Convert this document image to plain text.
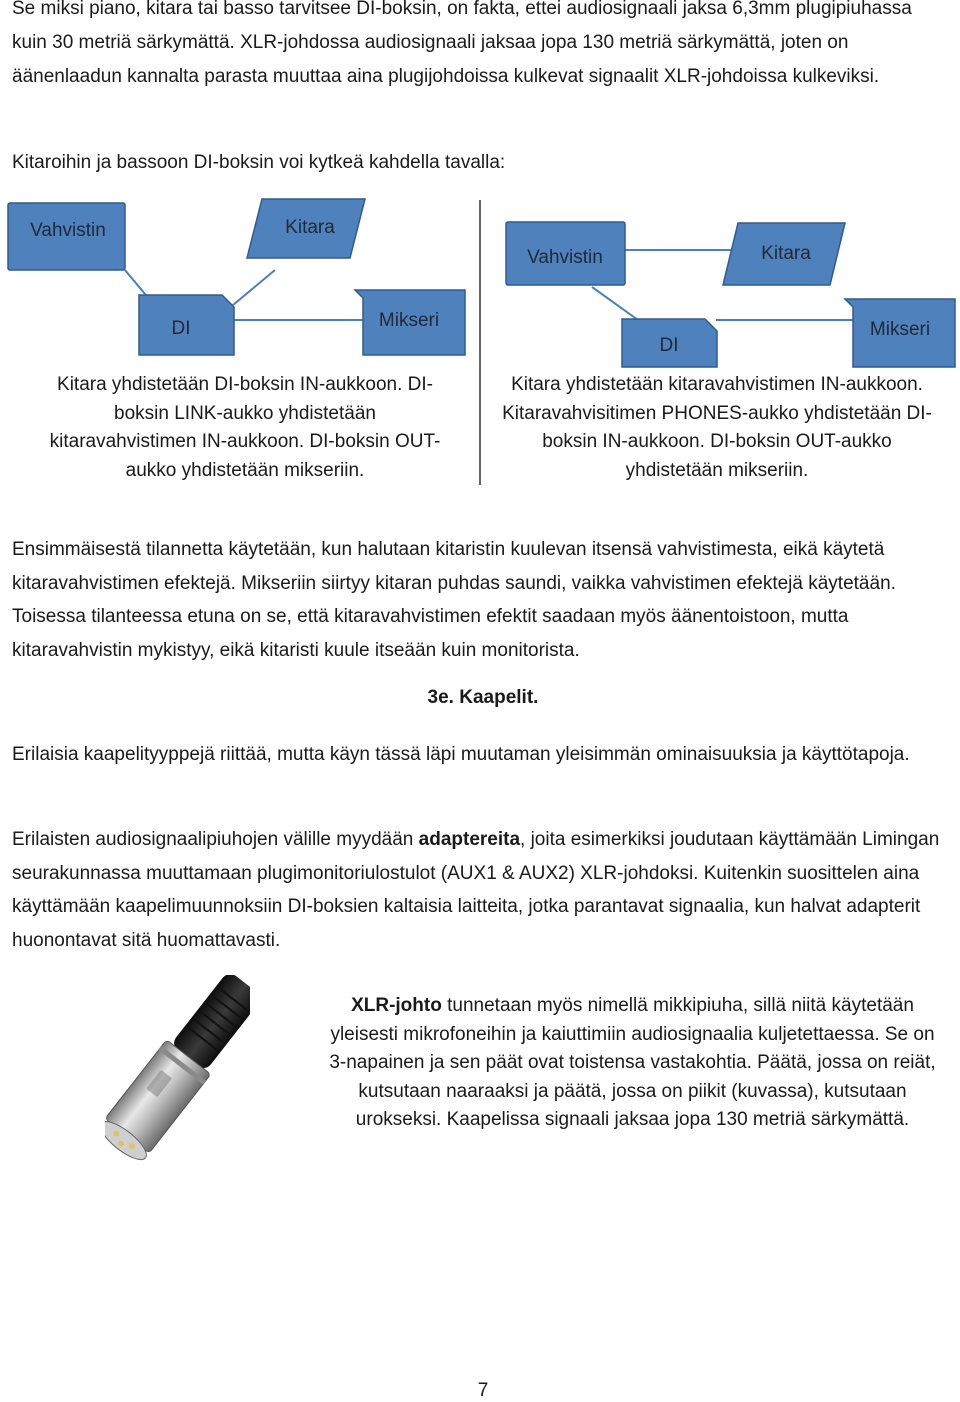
Se miksi piano, kitara tai basso tarvitsee DI-boksin, on fakta, ettei audiosignaali jaksa 6,3mm plugipiuhassa kuin 30 metriä särkymättä. XLR-johdossa audiosignaali jaksaa jopa 130 metriä särkymättä, joten on äänenlaadun kannalta parasta muuttaa aina plugijohdoissa kulkevat signaalit XLR-johdoissa kulkeviksi.

Kitaroihin ja bassoon DI-boksin voi kytkeä kahdella tavalla:

Vahvistin	Kitara
DI	Mikseri
Vahvistin	Kitara
DI
Mikseri

Kitara yhdistetään DI-boksin IN-aukkoon. DI-boksin LINK-aukko yhdistetään kitaravahvistimen IN-aukkoon. DI-boksin OUT-aukko yhdistetään mikseriin.

Kitara yhdistetään kitaravahvistimen IN-aukkoon. Kitaravahvisitimen PHONES-aukko yhdistetään DI-boksin IN-aukkoon. DI-boksin OUT-aukko yhdistetään mikseriin.

Ensimmäisestä tilannetta käytetään, kun halutaan kitaristin kuulevan itsensä vahvistimesta, eikä käytetä kitaravahvistimen efektejä. Mikseriin siirtyy kitaran puhdas saundi, vaikka vahvistimen efektejä käytetään. Toisessa tilanteessa etuna on se, että kitaravahvistimen efektit saadaan myös äänentoistoon, mutta kitaravahvistin mykistyy, eikä kitaristi kuule itseään kuin monitorista.

3e. Kaapelit.

Erilaisia kaapelityyppejä riittää, mutta käyn tässä läpi muutaman yleisimmän ominaisuuksia ja käyttötapoja.

Erilaisten audiosignaalipiuhojen välille myydään adaptereita, joita esimerkiksi joudutaan käyttämään Limingan seurakunnassa muuttamaan plugimonitoriulostulot (AUX1 & AUX2) XLR-johdoksi. Kuitenkin suosittelen aina käyttämään kaapelimuunnoksiin DI-boksien kaltaisia laitteita, jotka parantavat signaalia, kun halvat adapterit huonontavat sitä huomattavasti.

XLR-johto tunnetaan myös nimellä mikkipiuha, sillä niitä käytetään yleisesti mikrofoneihin ja kaiuttimiin audiosignaalia kuljetettaessa. Se on 3-napainen ja sen päät ovat toistensa vastakohtia. Päätä, jossa on reiät, kutsutaan naaraaksi ja päätä, jossa on piikit (kuvassa), kutsutaan urokseksi. Kaapelissa signaali jaksaa jopa 130 metriä särkymättä.

7
